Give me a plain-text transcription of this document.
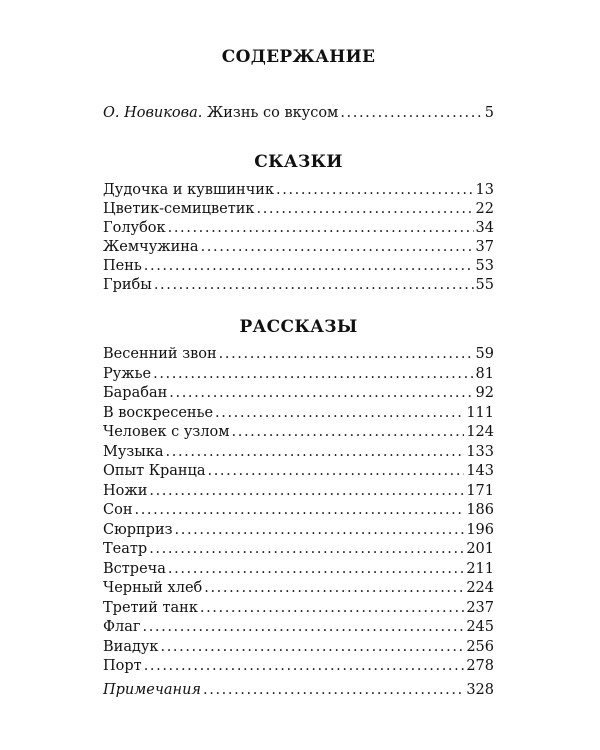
СОДЕРЖАНИЕ
О. Новикова. Жизнь со вкусом .....	5
СКАЗКИ
Дудочка и кувшинчик .....	13
Цветик-семицветик .....	22
Голубок .....	34
Жемчужина .....	37
Пень .....	53
Грибы .....	55
РАССКАЗЫ
Весенний звон .....	59
Ружье .....	81
Барабан .....	92
В воскресенье .....	111
Человек с узлом .....	124
Музыка .....	133
Опыт Кранца .....	143
Ножи .....	171
Сон .....	186
Сюрприз .....	196
Театр .....	201
Встреча .....	211
Черный хлеб .....	224
Третий танк .....	237
Флаг .....	245
Виадук .....	256
Порт .....	278
Примечания .....	328
